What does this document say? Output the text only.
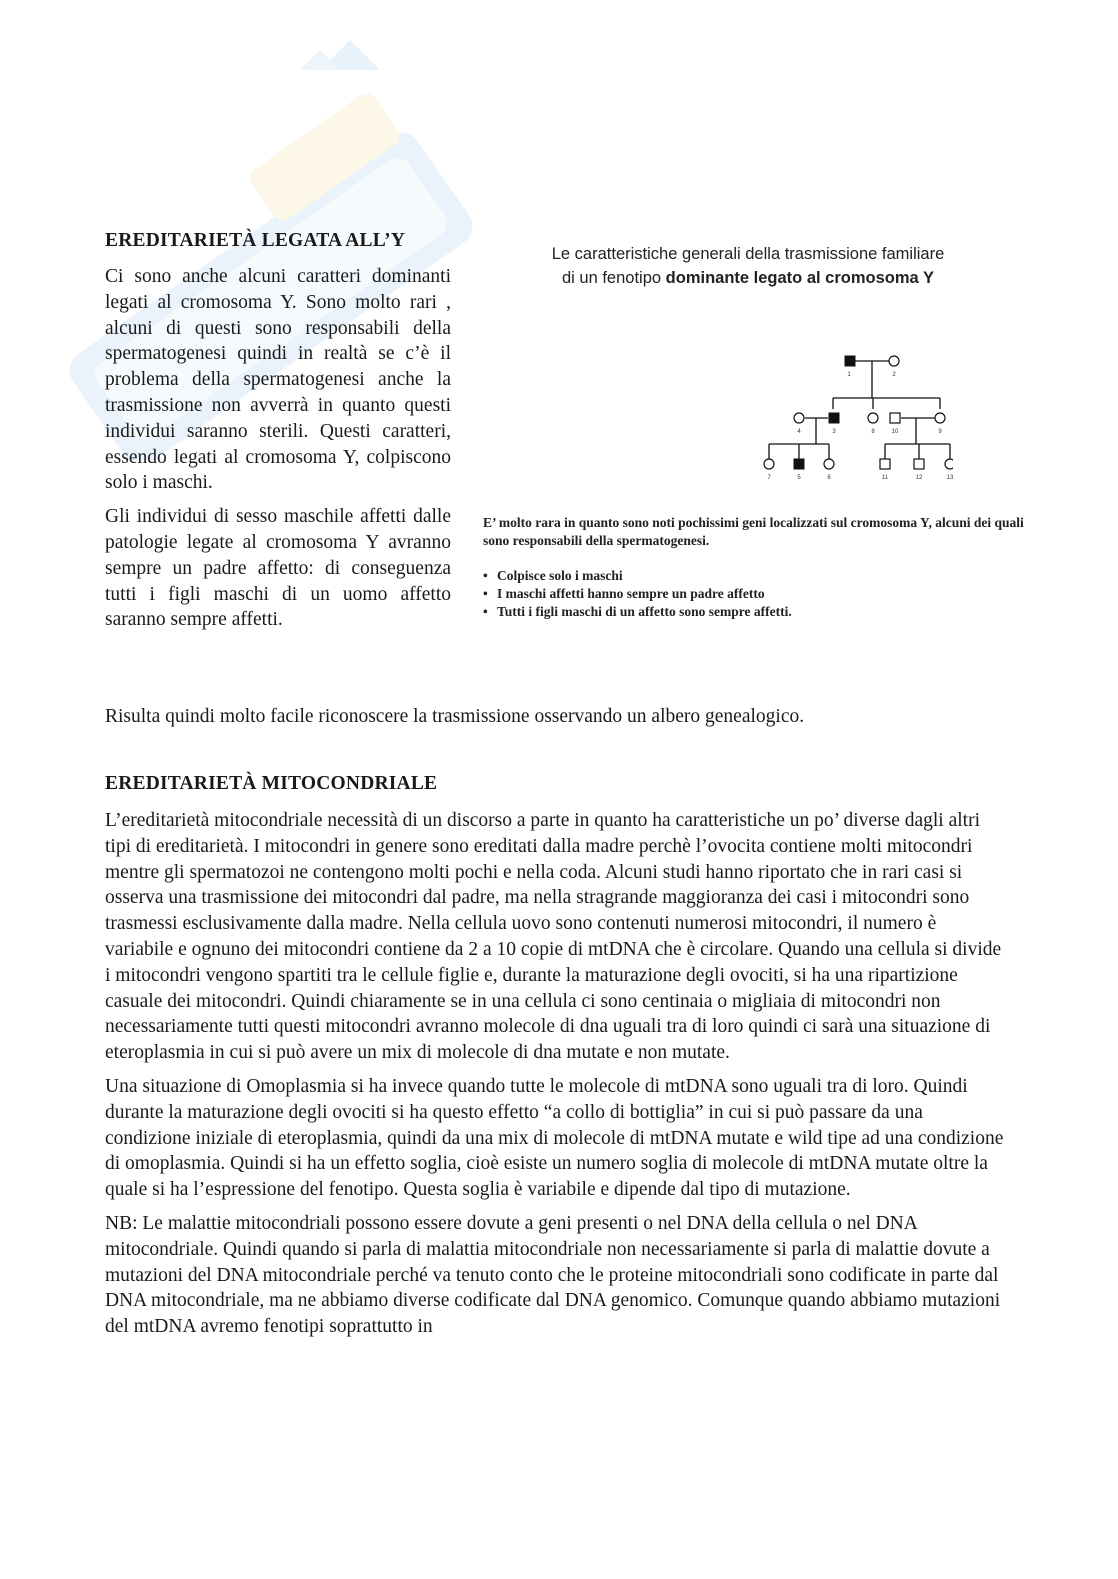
EREDITARIETÀ LEGATA ALL’Y

Ci sono anche alcuni caratteri dominanti legati al cromosoma Y. Sono molto rari , alcuni di questi sono responsabili della spermatogenesi quindi in realtà se c’è il problema della spermatogenesi anche la trasmissione non avverrà in quanto questi individui saranno sterili. Questi caratteri, essendo legati al cromosoma Y, colpiscono solo i maschi.

Gli individui di sesso maschile affetti dalle patologie legate al cromosoma Y avranno sempre un padre affetto: di conseguenza tutti i figli maschi di un uomo affetto saranno sempre affetti.

Le caratteristiche generali della trasmissione familiare
di un fenotipo dominante legato al cromosoma Y
1	2
4	3	8	10	9
7	5	6	11	12	13
E’ molto rara in quanto sono noti pochissimi geni localizzati sul cromosoma Y, alcuni dei quali sono responsabili della spermatogenesi.
• Colpisce solo i maschi
• I maschi affetti hanno sempre un padre affetto
• Tutti i figli maschi di un affetto sono sempre affetti.

Risulta quindi molto facile riconoscere la trasmissione osservando un albero genealogico.

EREDITARIETÀ MITOCONDRIALE

L’ereditarietà mitocondriale necessità di un discorso a parte in quanto ha caratteristiche un po’ diverse dagli altri tipi di ereditarietà. I mitocondri in genere sono ereditati dalla madre perchè l’ovocita contiene molti mitocondri mentre gli spermatozoi ne contengono molti pochi e nella coda. Alcuni studi hanno riportato che in rari casi si osserva una trasmissione dei mitocondri dal padre, ma nella stragrande maggioranza dei casi i mitocondri sono trasmessi esclusivamente dalla madre. Nella cellula uovo sono contenuti numerosi mitocondri, il numero è variabile e ognuno dei mitocondri contiene da 2 a 10 copie di mtDNA che è circolare. Quando una cellula si divide i mitocondri vengono spartiti tra le cellule figlie e, durante la maturazione degli ovociti, si ha una ripartizione casuale dei mitocondri. Quindi chiaramente se in una cellula ci sono centinaia o migliaia di mitocondri non necessariamente tutti questi mitocondri avranno molecole di dna uguali tra di loro quindi ci sarà una situazione di eteroplasmia in cui si può avere un mix di molecole di dna mutate e non mutate.

Una situazione di Omoplasmia si ha invece quando tutte le molecole di mtDNA sono uguali tra di loro. Quindi durante la maturazione degli ovociti si ha questo effetto “a collo di bottiglia” in cui si può passare da una condizione iniziale di eteroplasmia, quindi da una mix di molecole di mtDNA mutate e wild tipe ad una condizione di omoplasmia. Quindi si ha un effetto soglia, cioè esiste un numero soglia di molecole di mtDNA mutate oltre la quale si ha l’espressione del fenotipo. Questa soglia è variabile e dipende dal tipo di mutazione.

NB: Le malattie mitocondriali possono essere dovute a geni presenti o nel DNA della cellula o nel DNA mitocondriale. Quindi quando si parla di malattia mitocondriale non necessariamente si parla di malattie dovute a mutazioni del DNA mitocondriale perché va tenuto conto che le proteine mitocondriali sono codificate in parte dal DNA mitocondriale, ma ne abbiamo diverse codificate dal DNA genomico. Comunque quando abbiamo mutazioni del mtDNA avremo fenotipi soprattutto in
